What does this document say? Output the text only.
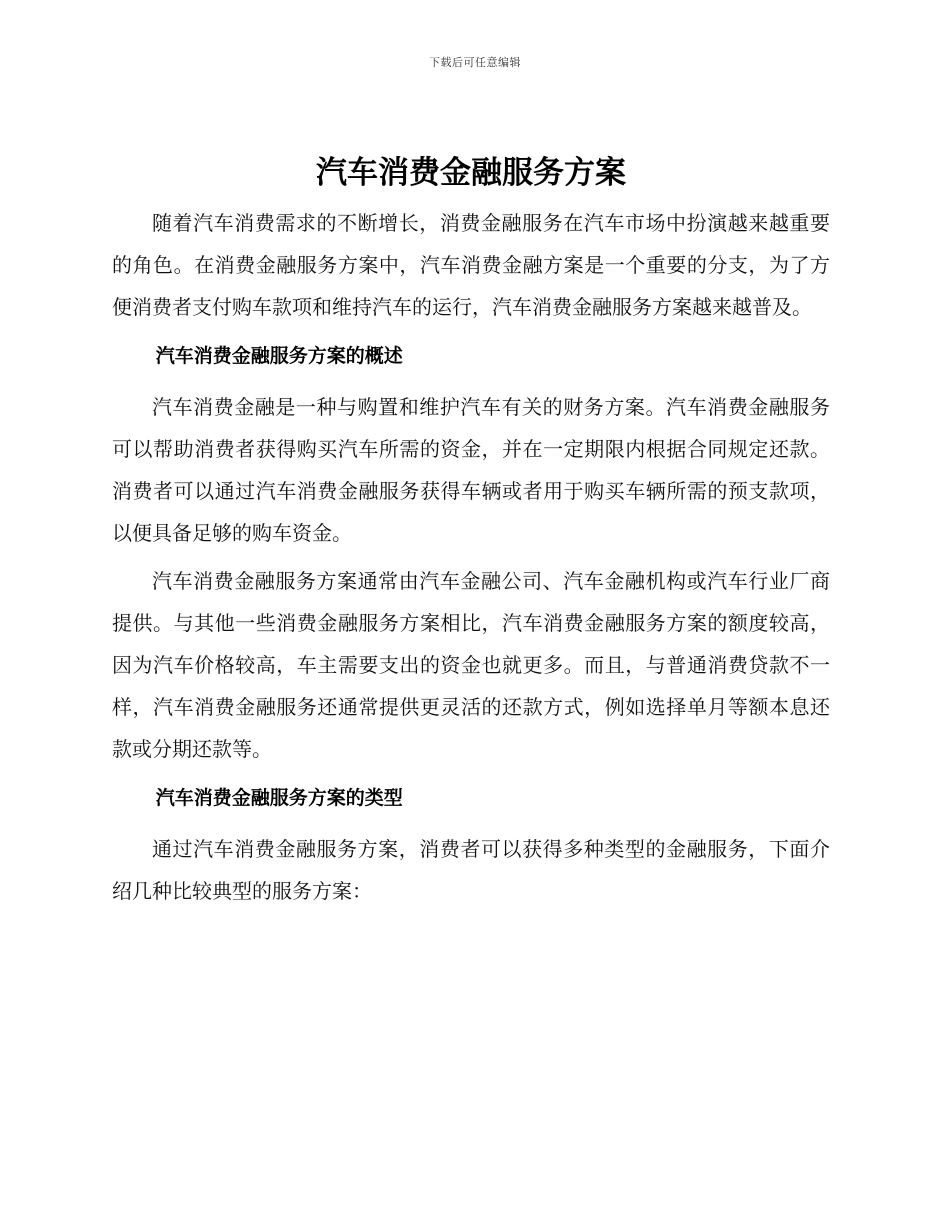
下载后可任意编辑
汽车消费金融服务方案

随着汽车消费需求的不断增长，消费金融服务在汽车市场中扮演越来越重要的角色。在消费金融服务方案中，汽车消费金融方案是一个重要的分支，为了方便消费者支付购车款项和维持汽车的运行，汽车消费金融服务方案越来越普及。

汽车消费金融服务方案的概述

汽车消费金融是一种与购置和维护汽车有关的财务方案。汽车消费金融服务可以帮助消费者获得购买汽车所需的资金，并在一定期限内根据合同规定还款。消费者可以通过汽车消费金融服务获得车辆或者用于购买车辆所需的预支款项，以便具备足够的购车资金。

汽车消费金融服务方案通常由汽车金融公司、汽车金融机构或汽车行业厂商提供。与其他一些消费金融服务方案相比，汽车消费金融服务方案的额度较高，因为汽车价格较高，车主需要支出的资金也就更多。而且，与普通消费贷款不一样，汽车消费金融服务还通常提供更灵活的还款方式，例如选择单月等额本息还款或分期还款等。

汽车消费金融服务方案的类型

通过汽车消费金融服务方案，消费者可以获得多种类型的金融服务，下面介绍几种比较典型的服务方案：
